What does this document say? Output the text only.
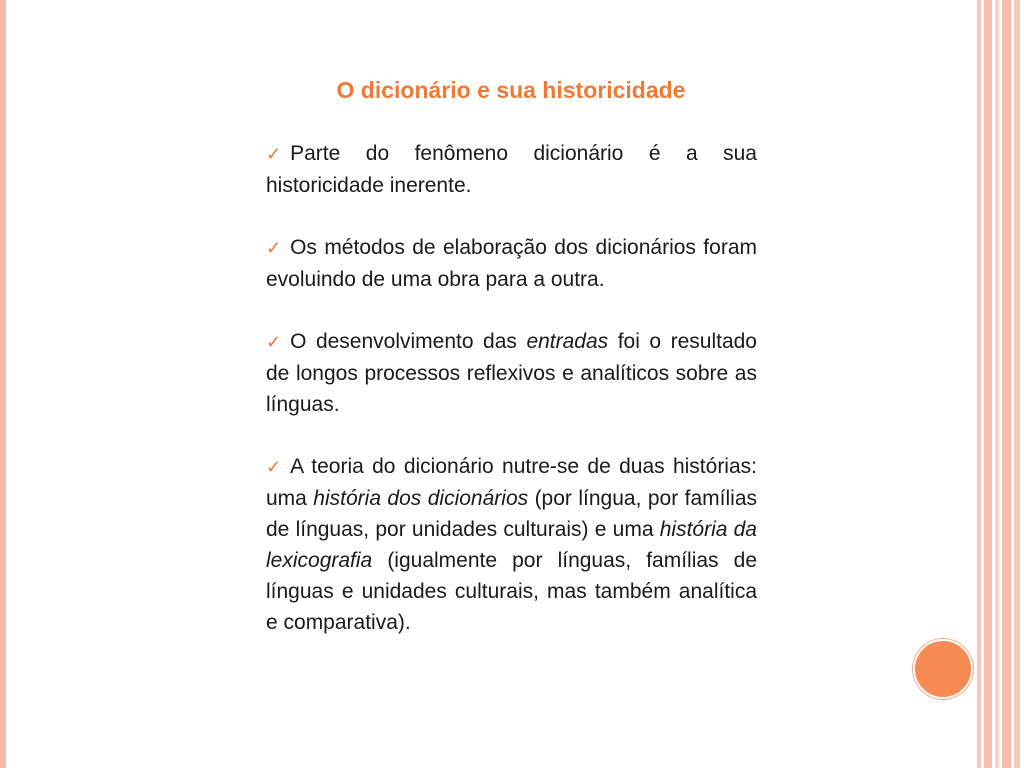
O dicionário e sua historicidade

✓ Parte do fenômeno dicionário é a sua historicidade inerente.

✓ Os métodos de elaboração dos dicionários foram evoluindo de uma obra para a outra.

✓ O desenvolvimento das entradas foi o resultado de longos processos reflexivos e analíticos sobre as línguas.

✓ A teoria do dicionário nutre-se de duas histórias: uma história dos dicionários (por língua, por famílias de línguas, por unidades culturais) e uma história da lexicografia (igualmente por línguas, famílias de línguas e unidades culturais, mas também analítica e comparativa).
